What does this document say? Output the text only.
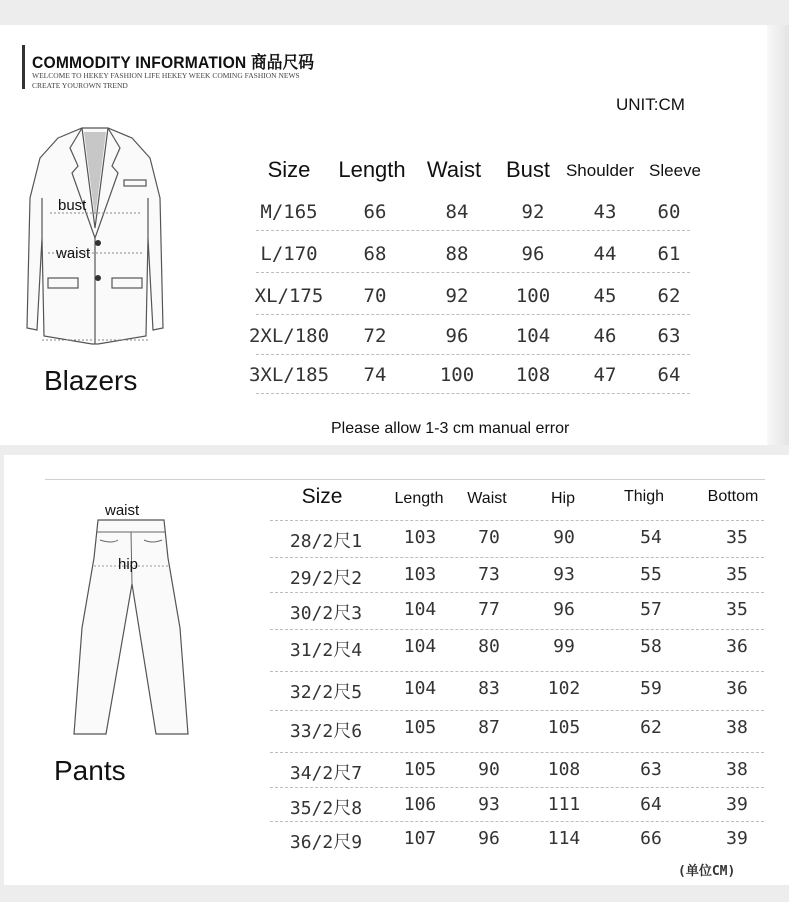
COMMODITY INFORMATION 商品尺码
WELCOME TO HEKEY FASHION LIFE HEKEY WEEK COMING FASHION NEWS
CREATE YOUROWN TREND
UNIT:CM
bust
waist
Blazers
Size Length Waist Bust Shoulder Sleeve
M/165 66	84	92	43 60
L/170 68	88	96	44 61
XL/175 70	92 100 45 62
2XL/180 72	96 104 46 63
3XL/185 74	100 108 47 64
Please allow 1-3 cm manual error
waist
hip
Pants
Size	Length Waist	Hip	Thigh	Bottom
28/2尺1 103 70	90	54	35
29/2尺2 103 73	93	55	35
30/2尺3 104 77	96	57	35
31/2尺4 104 80	99	58	36
32/2尺5 104 83	102	59	36
33/2尺6 105 87	105	62	38
34/2尺7 105 90	108	63	38
35/2尺8 106 93	111	64	39
36/2尺9 107 96	114	66	39
(单位CM)
